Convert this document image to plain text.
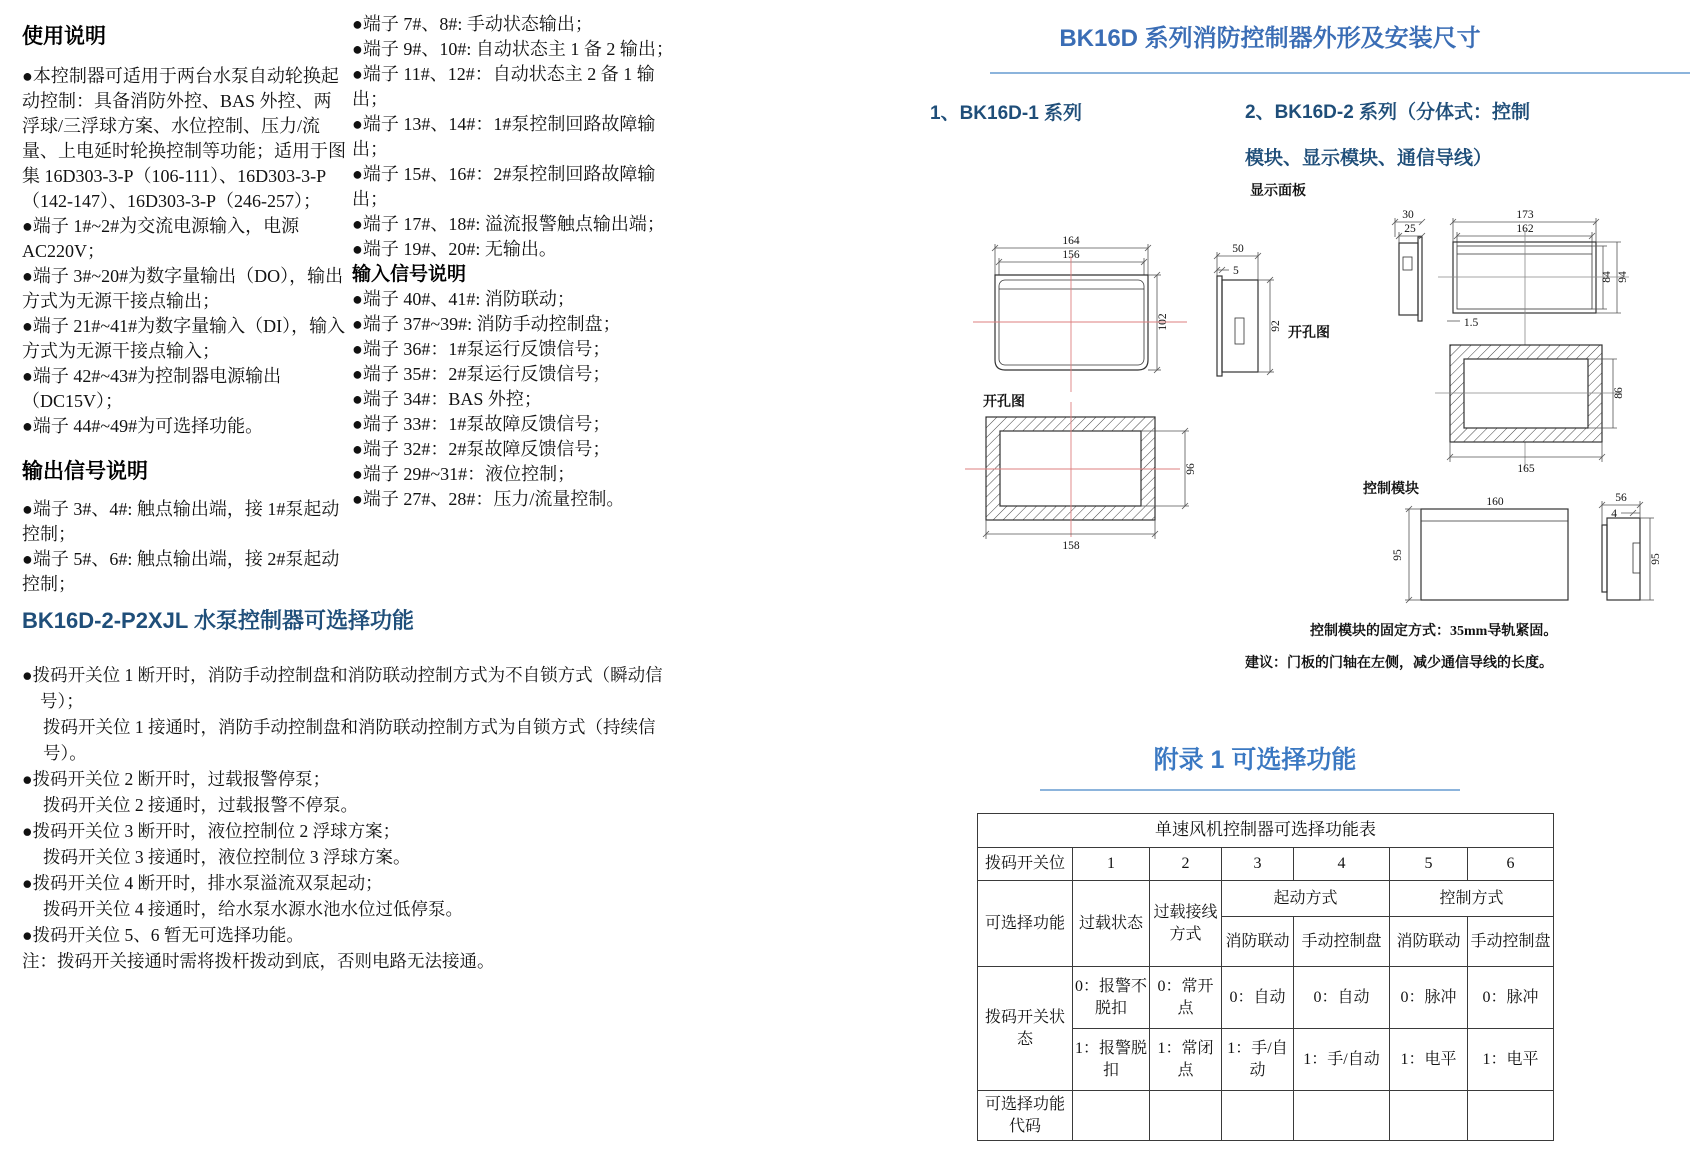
使用说明

●本控制器可适用于两台水泵自动轮换起动控制：具备消防外控、BAS 外控、两浮球/三浮球方案、水位控制、压力/流量、上电延时轮换控制等功能；适用于图集 16D303-3-P（106-111）、16D303-3-P（142-147）、16D303-3-P（246-257）；

●端子 1#~2#为交流电源输入，电源 AC220V；

●端子 3#~20#为数字量输出（DO），输出方式为无源干接点输出；

●端子 21#~41#为数字量输入（DI），输入方式为无源干接点输入；

●端子 42#~43#为控制器电源输出（DC15V）；

●端子 44#~49#为可选择功能。

输出信号说明

●端子 3#、4#: 触点输出端，接 1#泵起动控制；

●端子 5#、6#: 触点输出端，接 2#泵起动控制；

●端子 7#、8#: 手动状态输出；

●端子 9#、10#: 自动状态主 1 备 2 输出；

●端子 11#、12#：自动状态主 2 备 1 输出；

●端子 13#、14#：1#泵控制回路故障输出；

●端子 15#、16#：2#泵控制回路故障输出；

●端子 17#、18#: 溢流报警触点输出端；

●端子 19#、20#: 无输出。

输入信号说明

●端子 40#、41#: 消防联动；

●端子 37#~39#: 消防手动控制盘；

●端子 36#：1#泵运行反馈信号；

●端子 35#：2#泵运行反馈信号；

●端子 34#：BAS 外控；

●端子 33#：1#泵故障反馈信号；

●端子 32#：2#泵故障反馈信号；

●端子 29#~31#：液位控制；

●端子 27#、28#：压力/流量控制。

BK16D-2-P2XJL 水泵控制器可选择功能

●拨码开关位 1 断开时，消防手动控制盘和消防联动控制方式为不自锁方式（瞬动信号）；

拨码开关位 1 接通时，消防手动控制盘和消防联动控制方式为自锁方式（持续信号）。

●拨码开关位 2 断开时，过载报警停泵；

拨码开关位 2 接通时，过载报警不停泵。

●拨码开关位 3 断开时，液位控制位 2 浮球方案；

拨码开关位 3 接通时，液位控制位 3 浮球方案。

●拨码开关位 4 断开时，排水泵溢流双泵起动；

拨码开关位 4 接通时，给水泵水源水池水位过低停泵。

●拨码开关位 5、6 暂无可选择功能。

注：拨码开关接通时需将拨杆拨动到底，否则电路无法接通。

BK16D 系列消防控制器外形及安装尺寸
1、BK16D-1 系列	2、BK16D-2 系列（分体式：控制模块、显示模块、通信导线）
164
156
102
50
5
92
开孔图
96
158
显示面板
30
25
173
162
1.5
84 94
开孔图
86
165
控制模块
160
95
56
4
95
控制模块的固定方式：35mm导轨紧固。
建议：门板的门轴在左侧，减少通信导线的长度。
附录 1 可选择功能
单速风机控制器可选择功能表						
拨码开关位	1	2	3	4	5	6
可选择功能	过载状态	过载接线方式	起动方式		控制方式	
			消防联动	手动控制盘	消防联动	手动控制盘
拨码开关状态	0：报警不脱扣	0：常开点	0：自动	0：自动	0：脉冲	0：脉冲
	1：报警脱扣	1：常闭点	1：手/自动	1：手/自动	1：电平	1：电平
可选择功能代码						
